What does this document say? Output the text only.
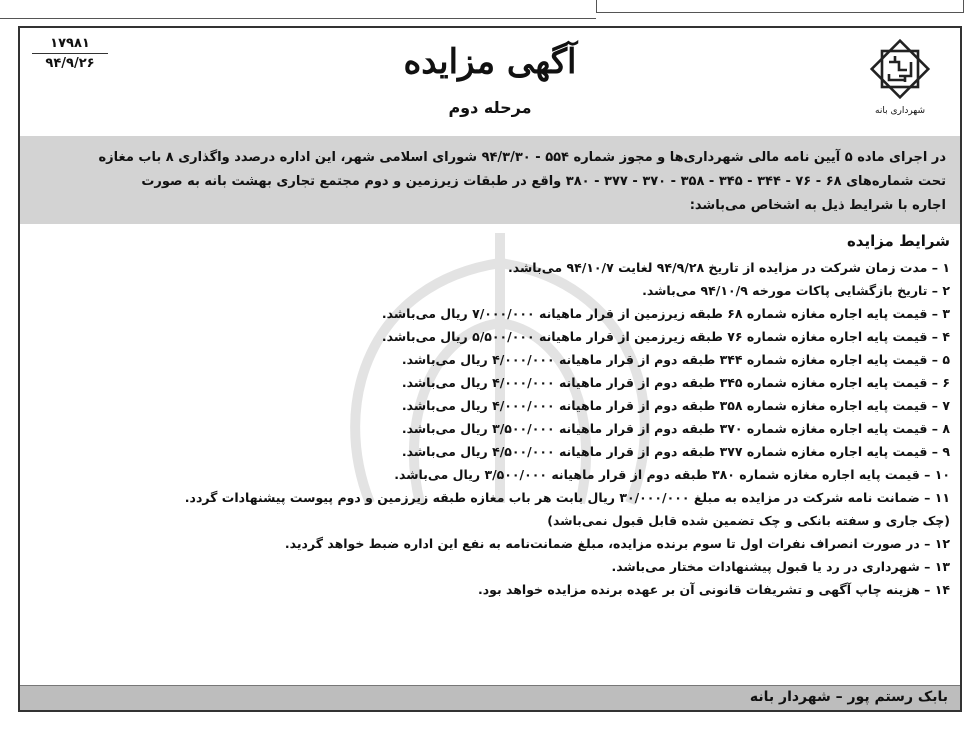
شهرداری بانه
آگهی مزایده
مرحله دوم
۱۷۹۸۱
۹۴/۹/۲۶

در اجرای ماده ۵ آیین نامه مالی شهرداری‌ها و مجوز شماره ۵۵۴ - ۹۴/۳/۳۰ شورای اسلامی شهر، این اداره درصدد واگذاری ۸ باب مغازه

تحت شماره‌های ۶۸ - ۷۶ - ۳۴۴ - ۳۴۵ - ۳۵۸ - ۳۷۰ - ۳۷۷ - ۳۸۰ واقع در طبقات زیرزمین و دوم مجتمع تجاری بهشت بانه به صورت

اجاره با شرایط ذیل به اشخاص می‌باشد:

شرایط مزایده
۱ – مدت زمان شرکت در مزایده از تاریخ ۹۴/۹/۲۸ لغایت ۹۴/۱۰/۷ می‌باشد.
۲ – تاریخ بازگشایی پاکات مورخه ۹۴/۱۰/۹ می‌باشد.
۳ – قیمت پایه اجاره مغازه شماره ۶۸ طبقه زیرزمین از قرار ماهیانه ۷/۰۰۰/۰۰۰ ریال می‌باشد.
۴ – قیمت پایه اجاره مغازه شماره ۷۶ طبقه زیرزمین از قرار ماهیانه ۵/۵۰۰/۰۰۰ ریال می‌باشد.
۵ – قیمت پایه اجاره مغازه شماره ۳۴۴ طبقه دوم از قرار ماهیانه ۴/۰۰۰/۰۰۰ ریال می‌باشد.
۶ – قیمت پایه اجاره مغازه شماره ۳۴۵ طبقه دوم از قرار ماهیانه ۴/۰۰۰/۰۰۰ ریال می‌باشد.
۷ – قیمت پایه اجاره مغازه شماره ۳۵۸ طبقه دوم از قرار ماهیانه ۴/۰۰۰/۰۰۰ ریال می‌باشد.
۸ – قیمت پایه اجاره مغازه شماره ۳۷۰ طبقه دوم از قرار ماهیانه ۳/۵۰۰/۰۰۰ ریال می‌باشد.
۹ – قیمت پایه اجاره مغازه شماره ۳۷۷ طبقه دوم از قرار ماهیانه ۴/۵۰۰/۰۰۰ ریال می‌باشد.
۱۰ – قیمت پایه اجاره مغازه شماره ۳۸۰ طبقه دوم از قرار ماهیانه ۳/۵۰۰/۰۰۰ ریال می‌باشد.
۱۱ – ضمانت نامه شرکت در مزایده به مبلغ ۳۰/۰۰۰/۰۰۰ ریال بابت هر باب مغازه طبقه زیرزمین و دوم پیوست پیشنهادات گردد.
(چک جاری و سفته بانکی و چک تضمین شده قابل قبول نمی‌باشد)
۱۲ – در صورت انصراف نفرات اول تا سوم برنده مزایده، مبلغ ضمانت‌نامه به نفع این اداره ضبط خواهد گردید.
۱۳ – شهرداری در رد یا قبول پیشنهادات مختار می‌باشد.
۱۴ – هزینه چاپ آگهی و تشریفات قانونی آن بر عهده برنده مزایده خواهد بود.
بابک رستم پور – شهردار بانه
